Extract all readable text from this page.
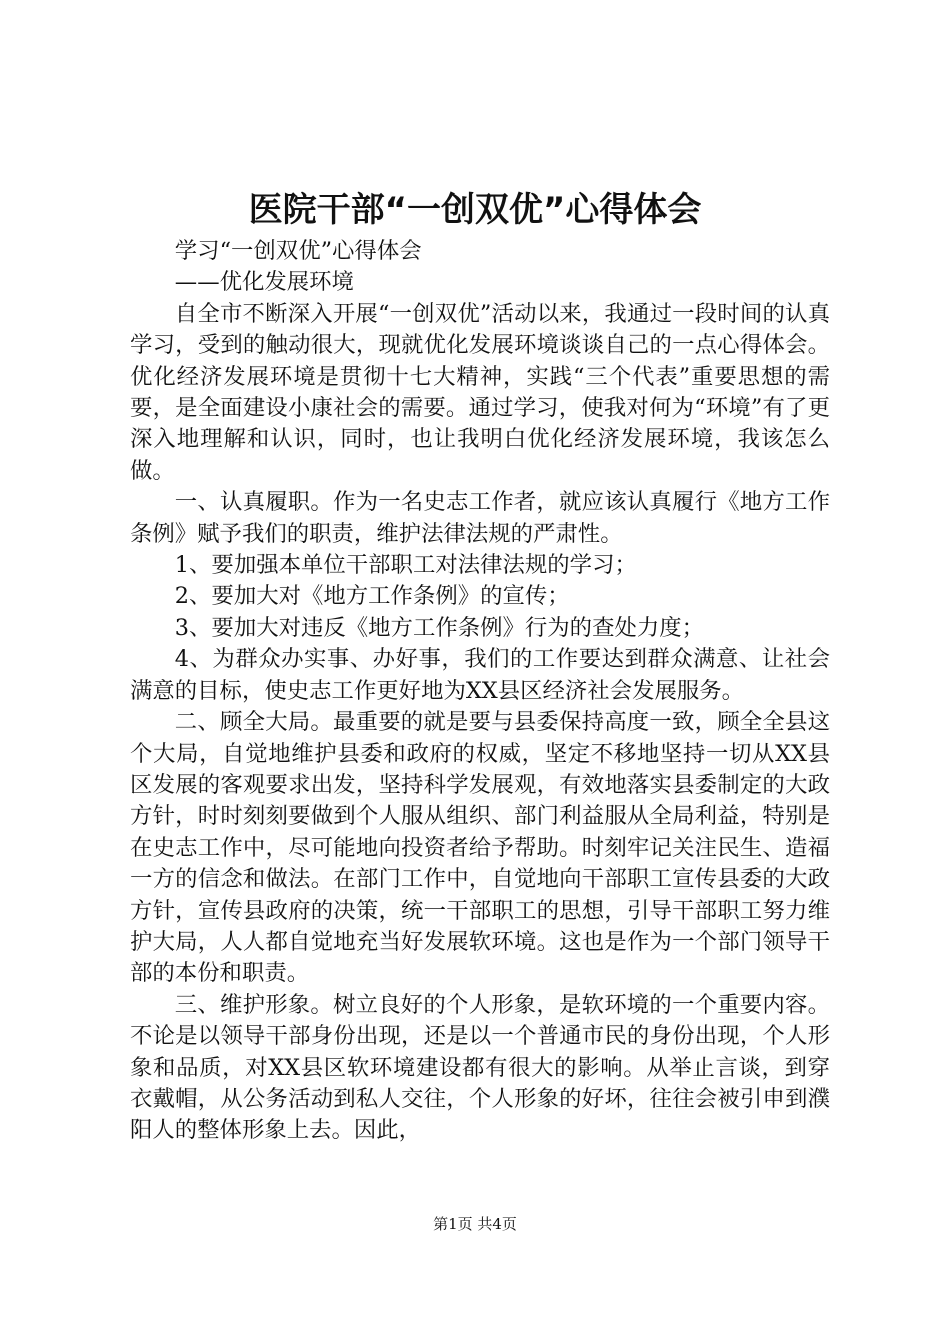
医院干部“一创双优”心得体会

学习“一创双优”心得体会

——优化发展环境

自全市不断深入开展“一创双优”活动以来，我通过一段时间的认真学习，受到的触动很大，现就优化发展环境谈谈自己的一点心得体会。优化经济发展环境是贯彻十七大精神，实践“三个代表”重要思想的需要，是全面建设小康社会的需要。通过学习，使我对何为“环境”有了更深入地理解和认识，同时，也让我明白优化经济发展环境，我该怎么做。

一、认真履职。作为一名史志工作者，就应该认真履行《地方工作条例》赋予我们的职责，维护法律法规的严肃性。

1、要加强本单位干部职工对法律法规的学习；

2、要加大对《地方工作条例》的宣传；

3、要加大对违反《地方工作条例》行为的查处力度；

4、为群众办实事、办好事，我们的工作要达到群众满意、让社会满意的目标，使史志工作更好地为XX县区经济社会发展服务。

二、顾全大局。最重要的就是要与县委保持高度一致，顾全全县这个大局，自觉地维护县委和政府的权威，坚定不移地坚持一切从XX县区发展的客观要求出发，坚持科学发展观，有效地落实县委制定的大政方针，时时刻刻要做到个人服从组织、部门利益服从全局利益，特别是在史志工作中，尽可能地向投资者给予帮助。时刻牢记关注民生、造福一方的信念和做法。在部门工作中，自觉地向干部职工宣传县委的大政方针，宣传县政府的决策，统一干部职工的思想，引导干部职工努力维护大局，人人都自觉地充当好发展软环境。这也是作为一个部门领导干部的本份和职责。

三、维护形象。树立良好的个人形象，是软环境的一个重要内容。不论是以领导干部身份出现，还是以一个普通市民的身份出现，个人形象和品质，对XX县区软环境建设都有很大的影响。从举止言谈，到穿衣戴帽，从公务活动到私人交往，个人形象的好坏，往往会被引申到濮阳人的整体形象上去。因此，

第1页 共4页
